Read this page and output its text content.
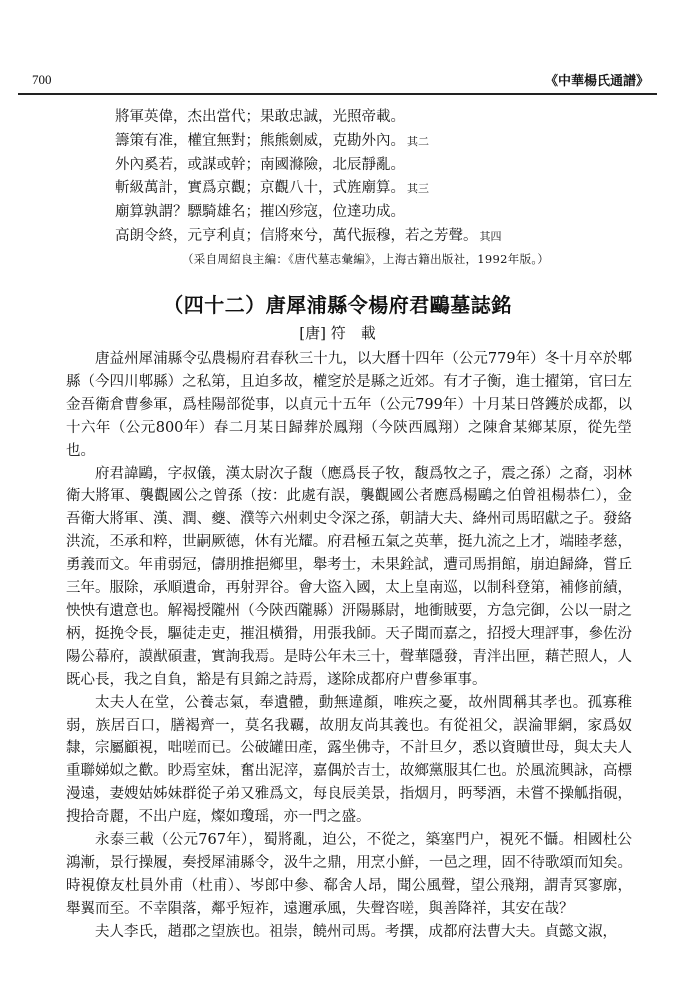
700	《中華楊氏通譜》
將軍英偉，杰出當代；果敢忠誠，光照帝載。
籌策有准，權宜無對；熊熊劍威，克勘外內。 其二
外內奚若，或謀或幹；南國滌險，北辰靜亂。
斬級萬計，實爲京觀；京觀八十，式旌廟算。 其三
廟算孰謂？驃騎雄名；摧凶殄寇，位達功成。
高朗令終，元亨利貞；信將來兮，萬代振穆，若之芳聲。 其四
（采自周紹良主編：《唐代墓志彙編》，上海古籍出版社，1992年版。）
（四十二）唐犀浦縣令楊府君鷗墓誌銘
[唐] 符　載

唐益州犀浦縣令弘農楊府君春秋三十九，以大曆十四年（公元779年）冬十月卒於郫縣（今四川郫縣）之私第，且迫多故，權窆於是縣之近郊。有才子衡，進士擢第，官曰左金吾衛倉曹參軍，爲桂陽部從事，以貞元十五年（公元799年）十月某日啓鑊於成都，以十六年（公元800年）春二月某日歸葬於鳳翔（今陝西鳳翔）之陳倉某鄉某原，從先塋也。

府君諱鷗，字叔儀，漢太尉次子馥（應爲長子牧，馥爲牧之子，震之孫）之裔，羽林衛大將軍、襲觀國公之曾孫（按：此處有誤，襲觀國公者應爲楊鷗之伯曾祖楊恭仁），金吾衛大將軍、漢、潤、夔、濮等六州刺史令深之孫，朝請大夫、絳州司馬昭獻之子。發絡洪流，丕承和粹，世嗣厥德，休有光耀。府君極五氣之英華，挺九流之上才，端睦孝慈，勇義而文。年甫弱冠，儔朋推挹鄉里，舉考士，未果銓試，遭司馬捐館，崩迫歸絳，嘗丘三年。服除，承順遺命，再射羿谷。會大盜入國，太上皇南巡，以制科登第，補修前績，怏怏有遺意也。解褐授隴州（今陝西隴縣）汧陽縣尉，地衝賊要，方急完御，公以一尉之柄，挺挽令長，驅徒走吏，摧沮橫猾，用張我師。天子聞而嘉之，招授大理評事，參佐汾陽公幕府，謨猷碩畫，實詢我焉。是時公年未三十，聲華隱發，青泮出匣，藉芒照人，人既心長，我之自負，豁是有貝錦之詩焉，遂除成都府户曹參軍事。

太夫人在堂，公養志氣，奉遺體，動無違顏，唯疾之憂，故州閭稱其孝也。孤寡稚弱，族居百口，膳褐齊一，莫名我覊，故朋友尚其義也。有從祖父，誤淪罪網，家爲奴隸，宗屬顧視，咄嗟而已。公破罐田產，露坐佛寺，不計旦夕，悉以資贖世母，與太夫人重聯娣姒之歡。眇焉室妹，奮出泥滓，嘉偶於吉士，故鄉黨服其仁也。於風流興詠，高標漫遠，妻嫂姑姊妹群從子弟又雅爲文，每良辰美景，指烟月，眄琴酒，未嘗不操觚指硯，搜拾奇麗，不出户庭，燦如瓊瑶，亦一門之盛。

永泰三載（公元767年），蜀將亂，迫公，不從之，築塞門户，視死不懾。相國杜公鴻漸，景行操履，奏授犀浦縣令，汲牛之鼎，用烹小鮮，一邑之理，固不待歌頌而知矣。時視僚友杜員外甫（杜甫）、岑郎中參、郗舍人昂，聞公風聲，望公飛翔，謂青冥寥廓，舉翼而至。不幸隕落，鄰乎短祚，遠邇承風，失聲咨嗟，與善降祥，其安在哉？

夫人李氏，趙郡之望族也。祖崇，饒州司馬。考撰，成都府法曹大夫。貞懿文淑，
